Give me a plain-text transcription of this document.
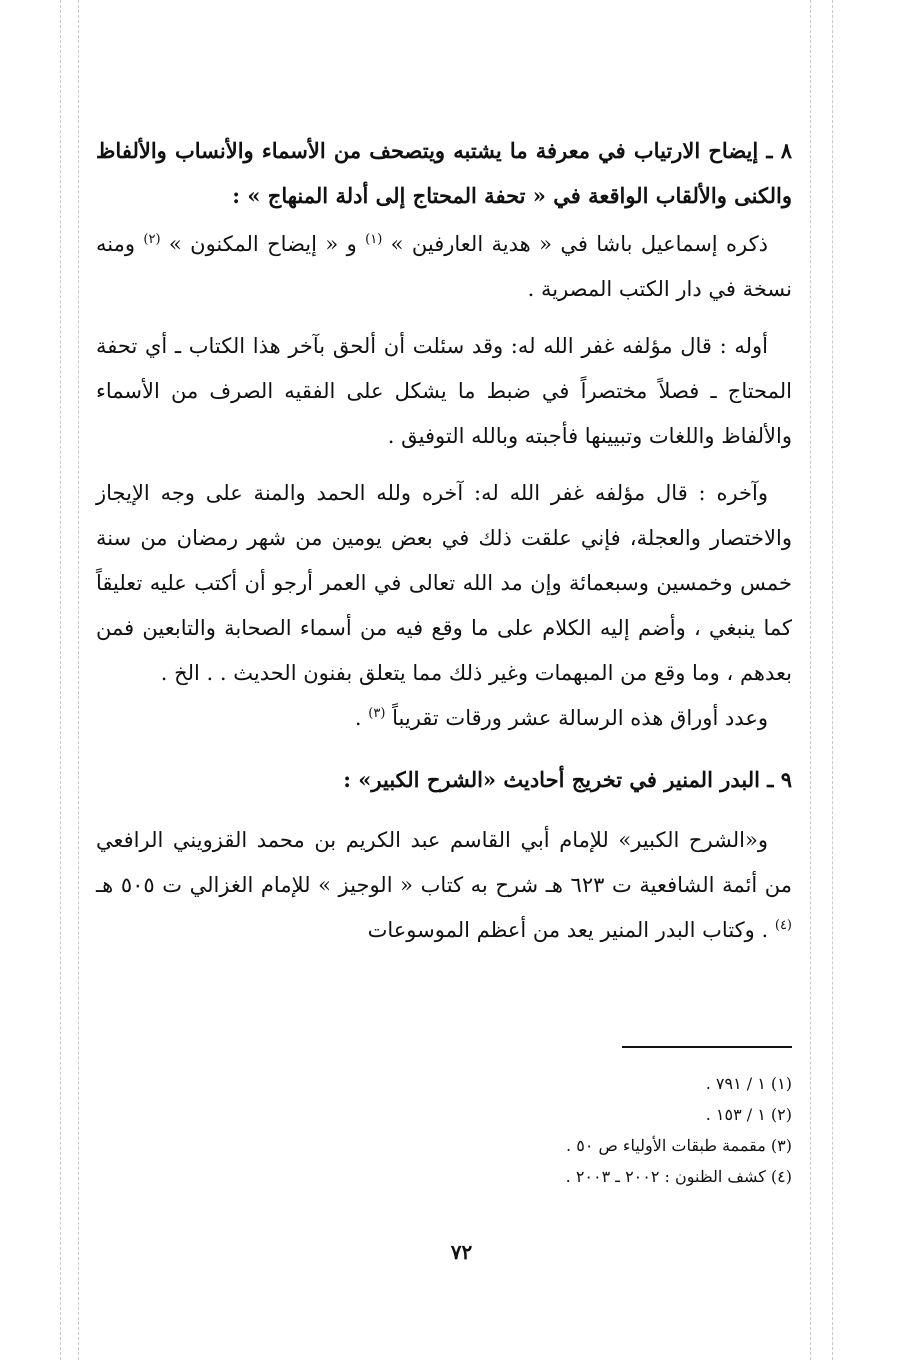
٨ ـ إيضاح الارتياب في معرفة ما يشتبه ويتصحف من الأسماء والأنساب والألفاظ والكنى والألقاب الواقعة في « تحفة المحتاج إلى أدلة المنهاج » :

ذكره إسماعيل باشا في « هدية العارفين » $^{(١)}$ و « إيضاح المكنون » $^{(٢)}$ ومنه نسخة في دار الكتب المصرية .

أوله : قال مؤلفه غفر الله له: وقد سئلت أن ألحق بآخر هذا الكتاب ـ أي تحفة المحتاج ـ فصلاً مختصراً في ضبط ما يشكل على الفقيه الصرف من الأسماء والألفاظ واللغات وتبيينها فأجبته وبالله التوفيق .

وآخره : قال مؤلفه غفر الله له: آخره ولله الحمد والمنة على وجه الإيجاز والاختصار والعجلة، فإني علقت ذلك في بعض يومين من شهر رمضان من سنة خمس وخمسين وسبعمائة وإن مد الله تعالى في العمر أرجو أن أكتب عليه تعليقاً كما ينبغي ، وأضم إليه الكلام على ما وقع فيه من أسماء الصحابة والتابعين فمن بعدهم ، وما وقع من المبهمات وغير ذلك مما يتعلق بفنون الحديث . . الخ .

وعدد أوراق هذه الرسالة عشر ورقات تقريباً $^{(٣)}$ .

٩ ـ البدر المنير في تخريج أحاديث «الشرح الكبير» :

و«الشرح الكبير» للإمام أبي القاسم عبد الكريم بن محمد القزويني الرافعي من أئمة الشافعية ت ٦٢٣ هـ شرح به كتاب « الوجيز » للإمام الغزالي ت ٥٠٥ هـ $^{(٤)}$ . وكتاب البدر المنير يعد من أعظم الموسوعات

(١) ١ / ٧٩١ .

(٢) ١ / ١٥٣ .

(٣) مقممة طبقات الأولياء ص ٥٠ .

(٤) كشف الظنون : ٢٠٠٢ ـ ٢٠٠٣ .

٧٢
